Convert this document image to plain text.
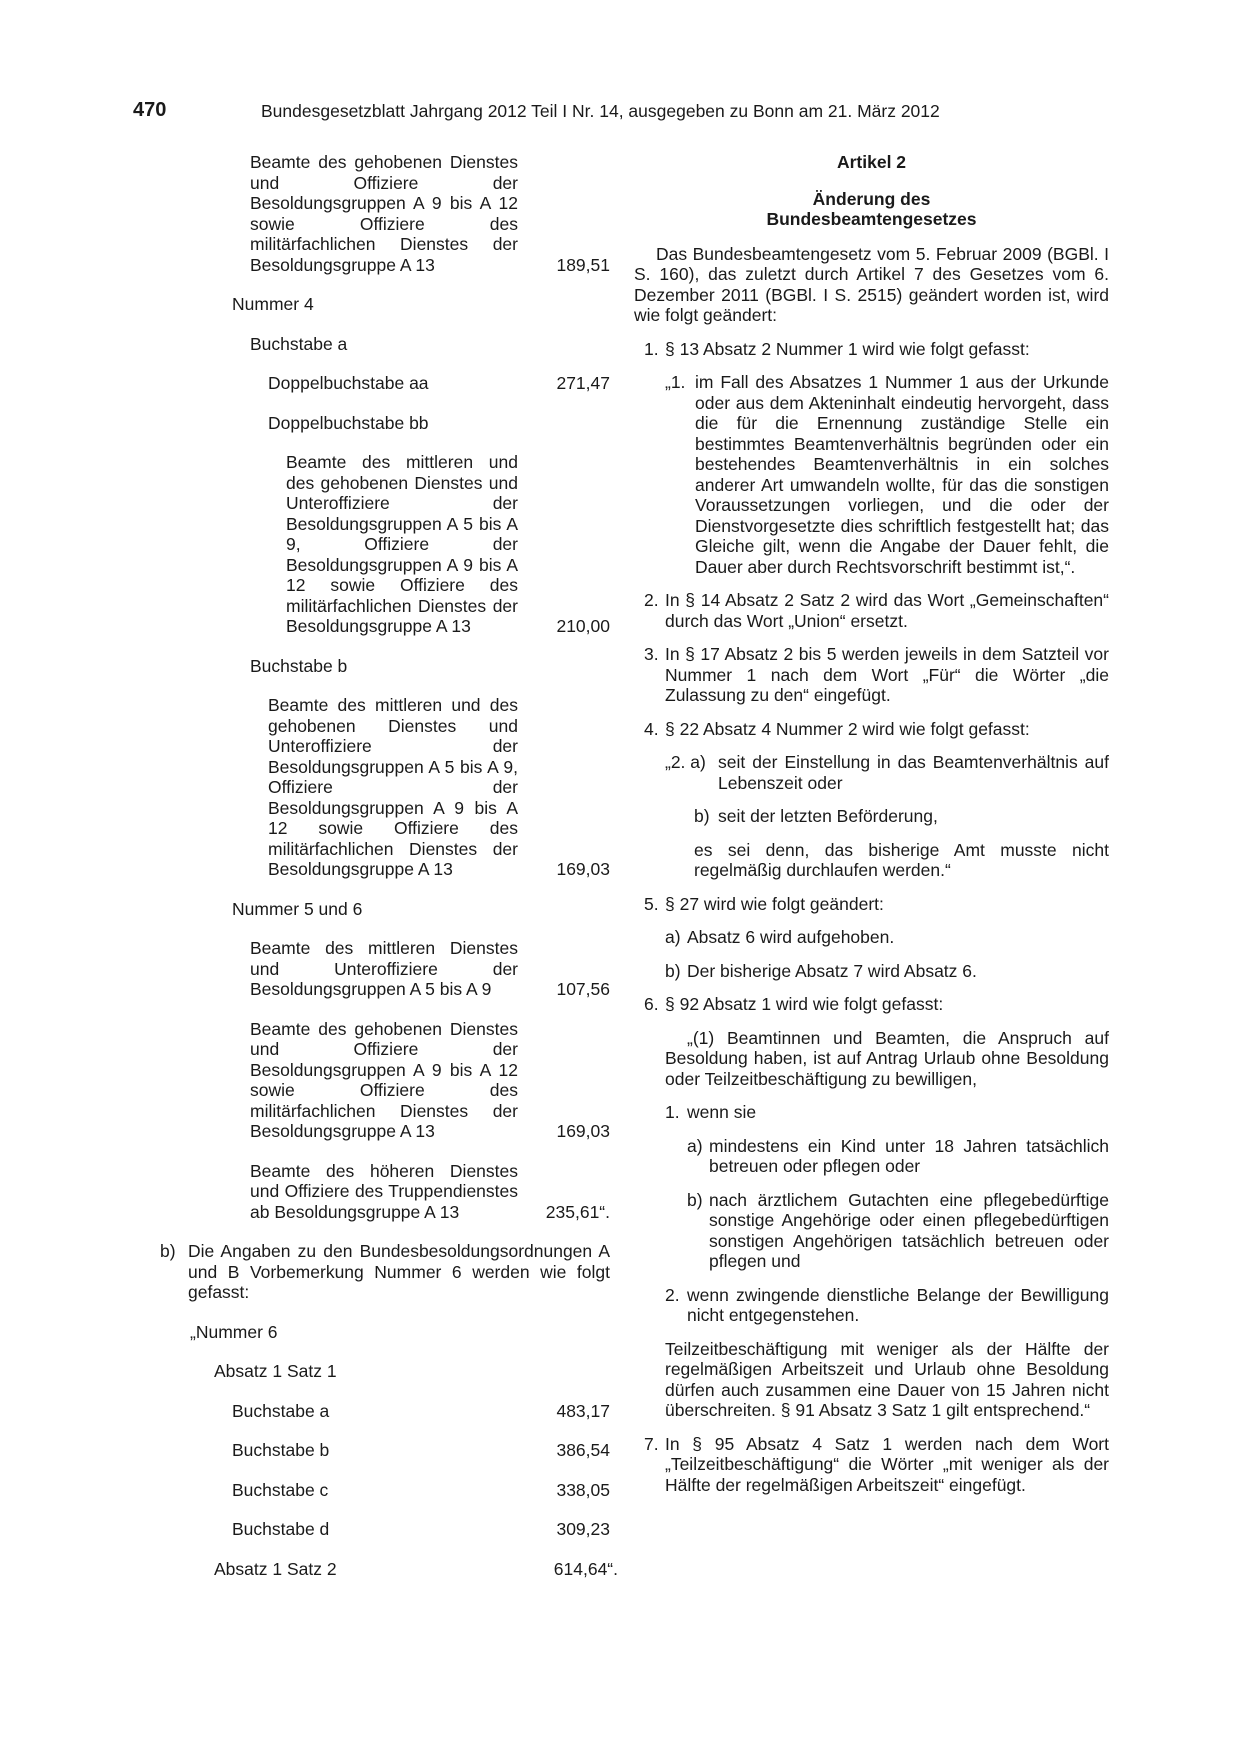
470	Bundesgesetzblatt Jahrgang 2012 Teil I Nr. 14, ausgegeben zu Bonn am 21. März 2012
Beamte des gehobenen Dienstes und Offiziere der Besoldungsgruppen A 9 bis A 12 sowie Offiziere des militärfachlichen Dienstes der Besoldungsgruppe A 13	189,51
Nummer 4
Buchstabe a
Doppelbuchstabe aa	271,47
Doppelbuchstabe bb
Beamte des mittleren und des gehobenen Dienstes und Unteroffiziere der Besoldungsgruppen A 5 bis A 9, Offiziere der Besoldungsgruppen A 9 bis A 12 sowie Offiziere des militärfachlichen Dienstes der Besoldungsgruppe A 13	210,00
Buchstabe b
Beamte des mittleren und des gehobenen Dienstes und Unteroffiziere der Besoldungsgruppen A 5 bis A 9, Offiziere der Besoldungsgruppen A 9 bis A 12 sowie Offiziere des militärfachlichen Dienstes der Besoldungsgruppe A 13	169,03
Nummer 5 und 6
Beamte des mittleren Dienstes und Unteroffiziere der Besoldungsgruppen A 5 bis A 9	107,56
Beamte des gehobenen Dienstes und Offiziere der Besoldungsgruppen A 9 bis A 12 sowie Offiziere des militärfachlichen Dienstes der Besoldungsgruppe A 13	169,03
Beamte des höheren Dienstes und Offiziere des Truppendienstes ab Besoldungsgruppe A 13	235,61“.
b) Die Angaben zu den Bundesbesoldungsordnungen A und B Vorbemerkung Nummer 6 werden wie folgt gefasst:
„Nummer 6
Absatz 1 Satz 1
Buchstabe a	483,17
Buchstabe b	386,54
Buchstabe c	338,05
Buchstabe d	309,23
Absatz 1 Satz 2	614,64“.
Artikel 2
Änderung des
Bundesbeamtengesetzes
Das Bundesbeamtengesetz vom 5. Februar 2009 (BGBl. I S. 160), das zuletzt durch Artikel 7 des Gesetzes vom 6. Dezember 2011 (BGBl. I S. 2515) geändert worden ist, wird wie folgt geändert:
1. § 13 Absatz 2 Nummer 1 wird wie folgt gefasst:
„1. im Fall des Absatzes 1 Nummer 1 aus der Urkunde oder aus dem Akteninhalt eindeutig hervorgeht, dass die für die Ernennung zuständige Stelle ein bestimmtes Beamtenverhältnis begründen oder ein bestehendes Beamtenverhältnis in ein solches anderer Art umwandeln wollte, für das die sonstigen Voraussetzungen vorliegen, und die oder der Dienstvorgesetzte dies schriftlich festgestellt hat; das Gleiche gilt, wenn die Angabe der Dauer fehlt, die Dauer aber durch Rechtsvorschrift bestimmt ist,“.
2. In § 14 Absatz 2 Satz 2 wird das Wort „Gemeinschaften“ durch das Wort „Union“ ersetzt.
3. In § 17 Absatz 2 bis 5 werden jeweils in dem Satzteil vor Nummer 1 nach dem Wort „Für“ die Wörter „die Zulassung zu den“ eingefügt.
4. § 22 Absatz 4 Nummer 2 wird wie folgt gefasst:
„2. a) seit der Einstellung in das Beamtenverhältnis auf Lebenszeit oder
b) seit der letzten Beförderung,
es sei denn, das bisherige Amt musste nicht regelmäßig durchlaufen werden.“
5. § 27 wird wie folgt geändert:
a) Absatz 6 wird aufgehoben.
b) Der bisherige Absatz 7 wird Absatz 6.
6. § 92 Absatz 1 wird wie folgt gefasst:
„(1) Beamtinnen und Beamten, die Anspruch auf Besoldung haben, ist auf Antrag Urlaub ohne Besoldung oder Teilzeitbeschäftigung zu bewilligen,
1. wenn sie
a) mindestens ein Kind unter 18 Jahren tatsächlich betreuen oder pflegen oder
b) nach ärztlichem Gutachten eine pflegebedürftige sonstige Angehörige oder einen pflegebedürftigen sonstigen Angehörigen tatsächlich betreuen oder pflegen und
2. wenn zwingende dienstliche Belange der Bewilligung nicht entgegenstehen.
Teilzeitbeschäftigung mit weniger als der Hälfte der regelmäßigen Arbeitszeit und Urlaub ohne Besoldung dürfen auch zusammen eine Dauer von 15 Jahren nicht überschreiten. § 91 Absatz 3 Satz 1 gilt entsprechend.“
7. In § 95 Absatz 4 Satz 1 werden nach dem Wort „Teilzeitbeschäftigung“ die Wörter „mit weniger als der Hälfte der regelmäßigen Arbeitszeit“ eingefügt.
